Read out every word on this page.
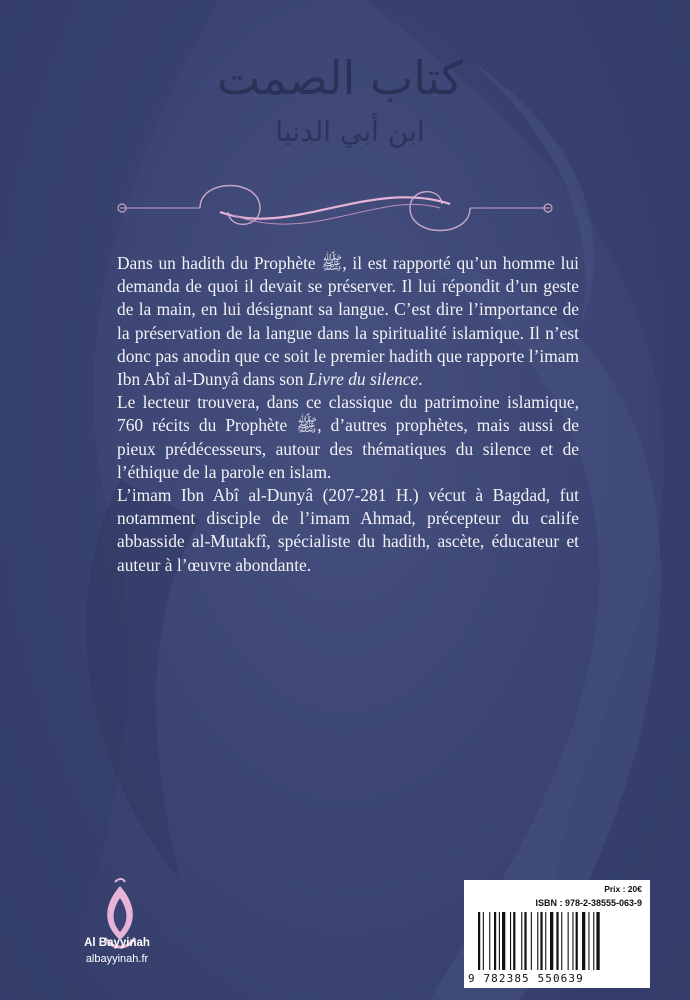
كتاب الصمت
ابن أبي الدنيا

Dans un hadith du Prophète ﷺ, il est rapporté qu’un homme lui demanda de quoi il devait se préserver. Il lui répondit d’un geste de la main, en lui désignant sa langue. C’est dire l’importance de la préservation de la langue dans la spiritualité islamique. Il n’est donc pas anodin que ce soit le premier hadith que rapporte l’imam Ibn Abî al-Dunyâ dans son Livre du silence.

Le lecteur trouvera, dans ce classique du patrimoine islamique, 760 récits du Prophète ﷺ, d’autres prophètes, mais aussi de pieux prédécesseurs, autour des thématiques du silence et de l’éthique de la parole en islam.

L’imam Ibn Abî al-Dunyâ (207-281 H.) vécut à Bagdad, fut notamment disciple de l’imam Ahmad, précepteur du calife abbasside al-Mutakfî, spécialiste du hadith, ascète, éducateur et auteur à l’œuvre abondante.

Al Bayyinah
albayyinah.fr
Prix : 20€
ISBN : 978-2-38555-063-9
9 782385 550639
